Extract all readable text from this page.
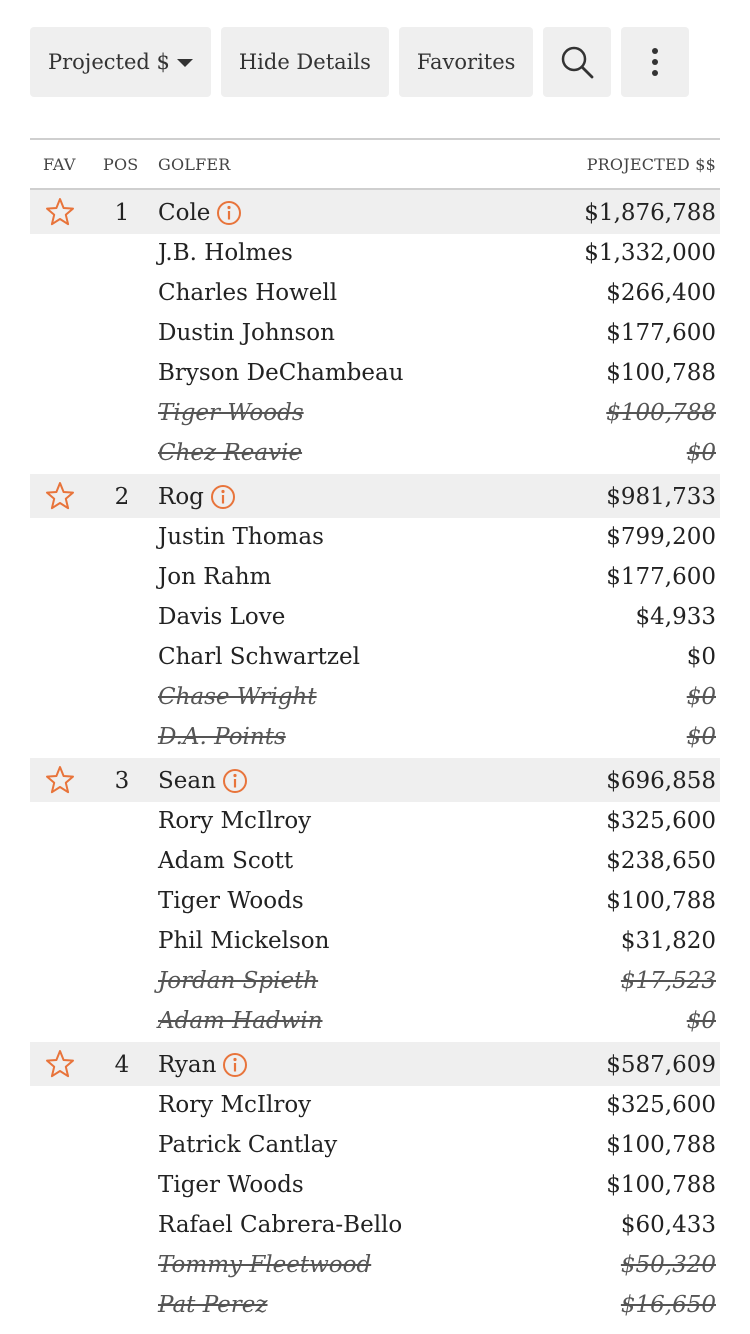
Projected $	Hide Details Favorites
FAV POS GOLFER	PROJECTED $$
1	Cole	$1,876,788
J.B. Holmes	$1,332,000
Charles Howell	$266,400
Dustin Johnson	$177,600
Bryson DeChambeau	$100,788
Tiger Woods	$100,788
Chez Reavie	$0
2	Rog	$981,733
Justin Thomas	$799,200
Jon Rahm	$177,600
Davis Love	$4,933
Charl Schwartzel	$0
Chase Wright	$0
D.A. Points	$0
3	Sean	$696,858
Rory McIlroy	$325,600
Adam Scott	$238,650
Tiger Woods	$100,788
Phil Mickelson	$31,820
Jordan Spieth	$17,523
Adam Hadwin	$0
4	Ryan	$587,609
Rory McIlroy	$325,600
Patrick Cantlay	$100,788
Tiger Woods	$100,788
Rafael Cabrera-Bello	$60,433
Tommy Fleetwood	$50,320
Pat Perez	$16,650
